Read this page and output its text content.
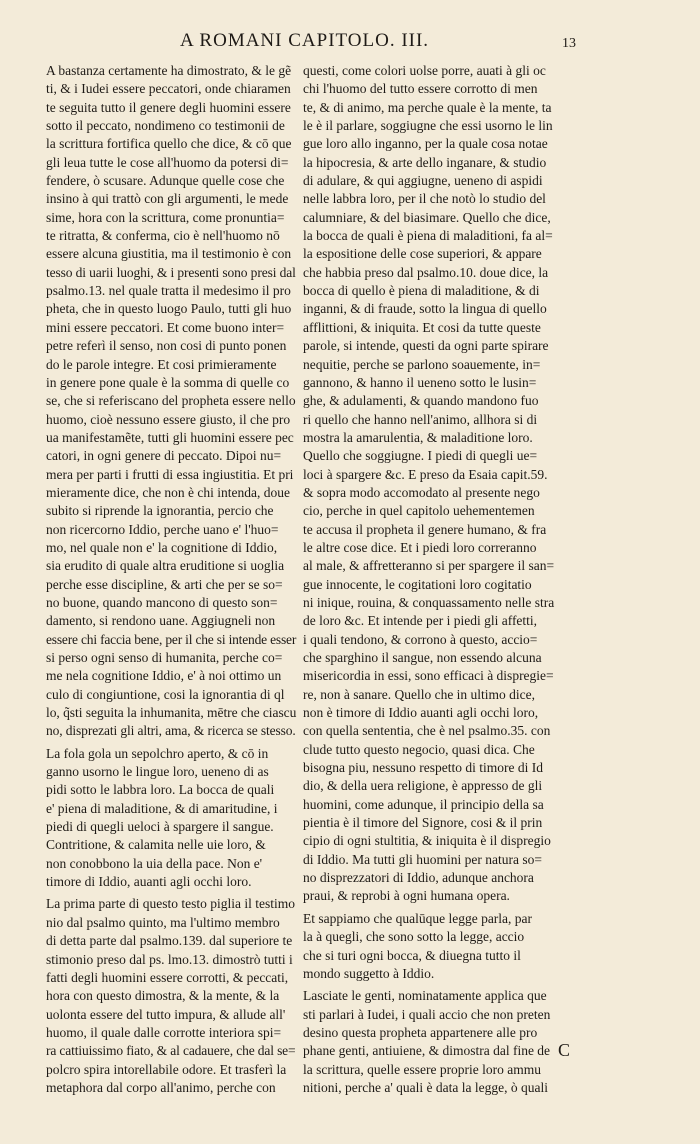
A ROMANI CAPITOLO. III.	13
A bastanza certamente ha dimostrato, & le gẽ
ti, & i Iudei essere peccatori, onde chiaramen
te seguita tutto il genere degli huomini essere
sotto il peccato, nondimeno co testimonii de
la scrittura fortifica quello che dice, & cō que
gli leua tutte le cose all'huomo da potersi di=
fendere, ò scusare. Adunque quelle cose che
insino à qui trattò con gli argumenti, le mede
sime, hora con la scrittura, come pronuntia=
te ritratta, & conferma, cio è nell'huomo nō
essere alcuna giustitia, ma il testimonio è con
tesso di uarii luoghi, & i presenti sono presi dal
psalmo.13. nel quale tratta il medesimo il pro
pheta, che in questo luogo Paulo, tutti gli huo
mini essere peccatori. Et come buono inter=
petre referì il senso, non cosi di punto ponen
do le parole integre. Et cosi primieramente
in genere pone quale è la somma di quelle co
se, che si referiscano del propheta essere nello
huomo, cioè nessuno essere giusto, il che pro
ua manifestamẽte, tutti gli huomini essere pec
catori, in ogni genere di peccato. Dipoi nu=
mera per parti i frutti di essa ingiustitia. Et pri
mieramente dice, che non è chi intenda, doue
subito si riprende la ignorantia, percio che
non ricercorno Iddio, perche uano e' l'huo=
mo, nel quale non e' la cognitione di Iddio,
sia erudito di quale altra eruditione si uoglia
perche esse discipline, & arti che per se so=
no buone, quando mancono di questo son=
damento, si rendono uane. Aggiugneli non
essere chi faccia bene, per il che si intende esser
si perso ogni senso di humanita, perche co=
me nela cognitione Iddio, e' à noi ottimo un
culo di congiuntione, cosi la ignorantia di ql
lo, q̃sti seguita la inhumanita, mētre che ciascu
no, disprezati gli altri, ama, & ricerca se stesso.
La fola gola un sepolchro aperto, & cō in
ganno usorno le lingue loro, ueneno di as
pidi sotto le labbra loro. La bocca de quali
e' piena di maladitione, & di amaritudine, i
piedi di quegli ueloci à spargere il sangue.
Contritione, & calamita nelle uie loro, &
non conobbono la uia della pace. Non e'
timore di Iddio, auanti agli occhi loro.
La prima parte di questo testo piglia il testimo
nio dal psalmo quinto, ma l'ultimo membro
di detta parte dal psalmo.139. dal superiore te
stimonio preso dal ps. lmo.13. dimostrò tutti i
fatti degli huomini essere corrotti, & peccati,
hora con questo dimostra, & la mente, & la
uolonta essere del tutto impura, & allude all'
huomo, il quale dalle corrotte interiora spi=
ra cattiuissimo fiato, & al cadauere, che dal se=
polcro spira intorellabile odore. Et trasferì la
metaphora dal corpo all'animo, perche con
questi, come colori uolse porre, auati à gli oc
chi l'huomo del tutto essere corrotto di men
te, & di animo, ma perche quale è la mente, ta
le è il parlare, soggiugne che essi usorno le lin
gue loro allo inganno, per la quale cosa notae
la hipocresia, & arte dello inganare, & studio
di adulare, & qui aggiugne, ueneno di aspidi
nelle labbra loro, per il che notò lo studio del
calumniare, & del biasimare. Quello che dice,
la bocca de quali è piena di maladitioni, fa al=
la espositione delle cose superiori, & appare
che habbia preso dal psalmo.10. doue dice, la
bocca di quello è piena di maladitione, & di
inganni, & di fraude, sotto la lingua di quello
afflittioni, & iniquita. Et cosi da tutte queste
parole, si intende, questi da ogni parte spirare
nequitie, perche se parlono soauemente, in=
gannono, & hanno il ueneno sotto le lusin=
ghe, & adulamenti, & quando mandono fuo
ri quello che hanno nell'animo, allhora si di
mostra la amarulentia, & maladitione loro.
Quello che soggiugne. I piedi di quegli ue=
loci à spargere &c. E preso da Esaia capit.59.
& sopra modo accomodato al presente nego
cio, perche in quel capitolo uehementemen
te accusa il propheta il genere humano, & fra
le altre cose dice. Et i piedi loro correranno
al male, & affretteranno si per spargere il san=
gue innocente, le cogitationi loro cogitatio
ni inique, rouina, & conquassamento nelle stra
de loro &c. Et intende per i piedi gli affetti,
i quali tendono, & corrono à questo, accio=
che sparghino il sangue, non essendo alcuna
misericordia in essi, sono efficaci à dispregie=
re, non à sanare. Quello che in ultimo dice,
non è timore di Iddio auanti agli occhi loro,
con quella sententia, che è nel psalmo.35. con
clude tutto questo negocio, quasi dica. Che
bisogna piu, nessuno respetto di timore di Id
dio, & della uera religione, è appresso de gli
huomini, come adunque, il principio della sa
pientia è il timore del Signore, cosi & il prin
cipio di ogni stultitia, & iniquita è il dispregio
di Iddio. Ma tutti gli huomini per natura so=
no disprezzatori di Iddio, adunque anchora
praui, & reprobi à ogni humana opera.
Et sappiamo che qualūque legge parla, par
la à quegli, che sono sotto la legge, accio
che si turi ogni bocca, & diuegna tutto il
mondo suggetto à Iddio.
Lasciate le genti, nominatamente applica que
sti parlari à Iudei, i quali accio che non preten
desino questa propheta appartenere alle pro
phane genti, antiuiene, & dimostra dal fine de
la scrittura, quelle essere proprie loro ammu
nitioni, perche a' quali è data la legge, ò quali
C
